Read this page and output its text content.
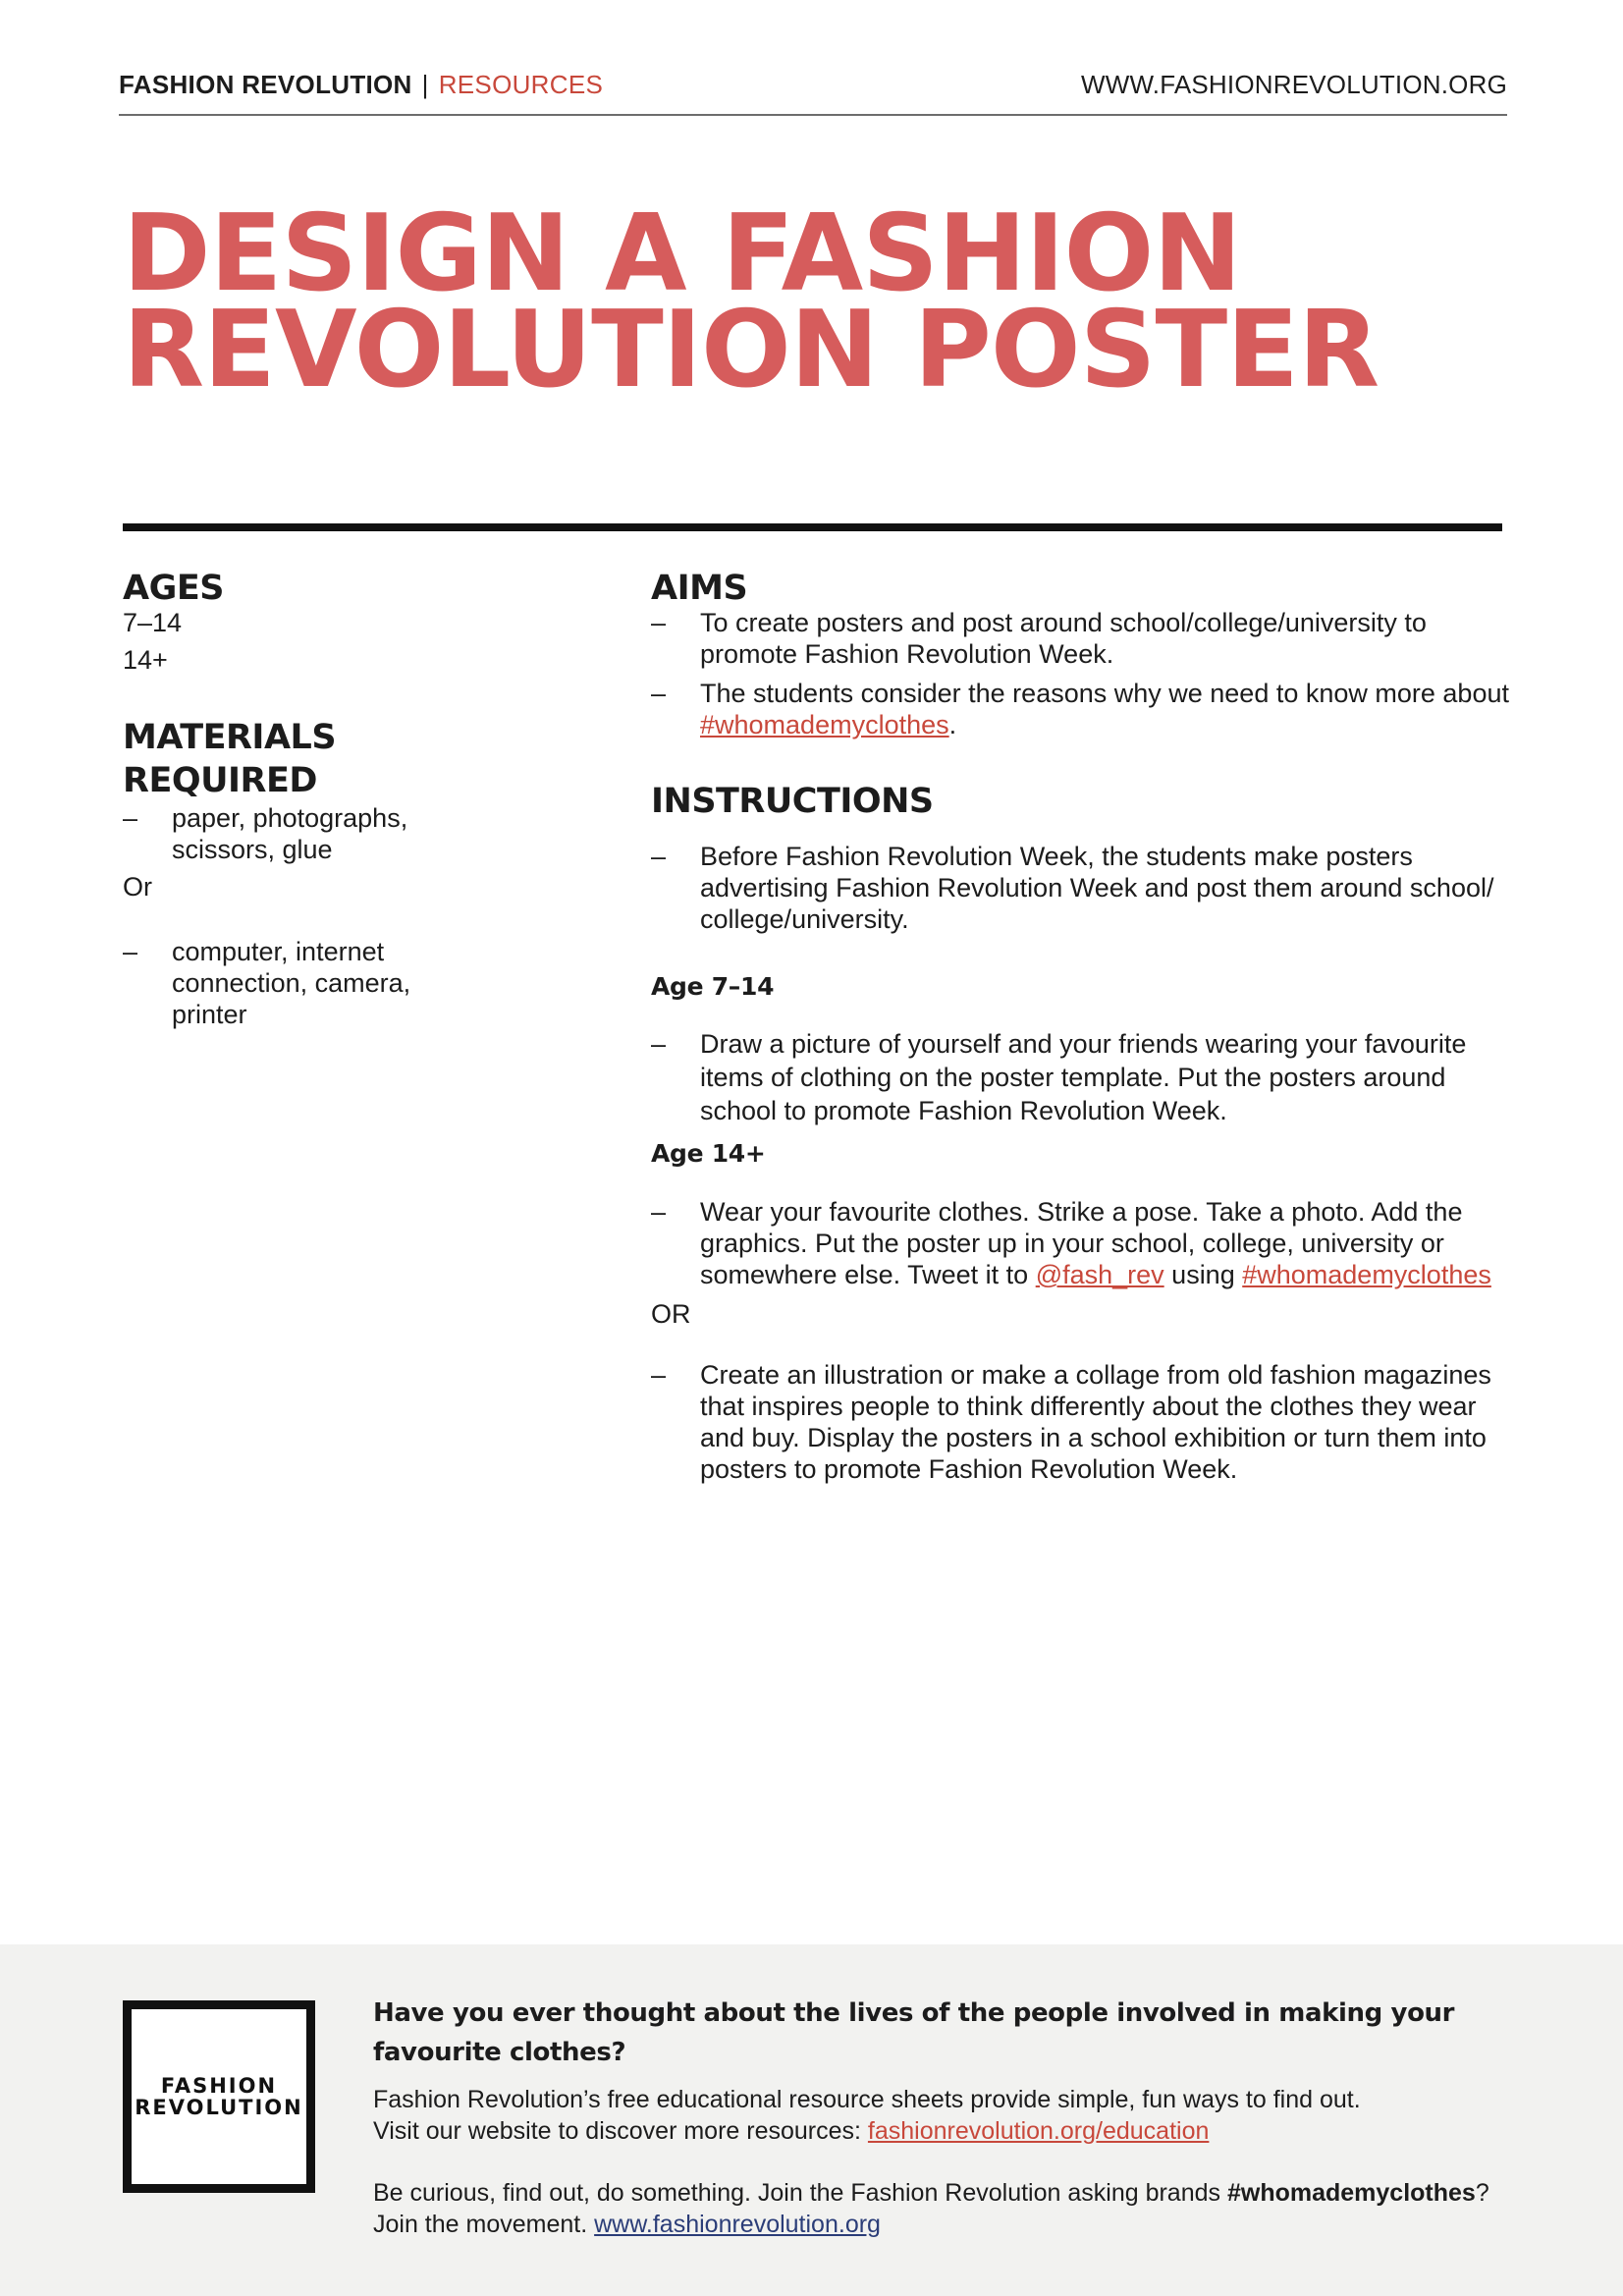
FASHION REVOLUTION | RESOURCES	WWW.FASHIONREVOLUTION.ORG
DESIGN A FASHION
REVOLUTION POSTER
AGES
7–14
14+
MATERIALS REQUIRED
– paper, photographs, scissors, glue
Or
– computer, internet connection, camera, printer
AIMS
– To create posters and post around school/college/university to promote Fashion Revolution Week.
– The students consider the reasons why we need to know more about #whomademyclothes.
INSTRUCTIONS
– Before Fashion Revolution Week, the students make posters advertising Fashion Revolution Week and post them around school/ college/university.
Age 7–14
– Draw a picture of yourself and your friends wearing your favourite items of clothing on the poster template. Put the posters around school to promote Fashion Revolution Week.
Age 14+
– Wear your favourite clothes. Strike a pose. Take a photo. Add the graphics. Put the poster up in your school, college, university or somewhere else. Tweet it to @fash_rev using #whomademyclothes
OR
– Create an illustration or make a collage from old fashion magazines that inspires people to think differently about the clothes they wear and buy. Display the posters in a school exhibition or turn them into posters to promote Fashion Revolution Week.
FASHION
REVOLUTION
Have you ever thought about the lives of the people involved in making your favourite clothes?
Fashion Revolution’s free educational resource sheets provide simple, fun ways to find out.
Visit our website to discover more resources: fashionrevolution.org/education
Be curious, find out, do something. Join the Fashion Revolution asking brands #whomademyclothes?
Join the movement. www.fashionrevolution.org
